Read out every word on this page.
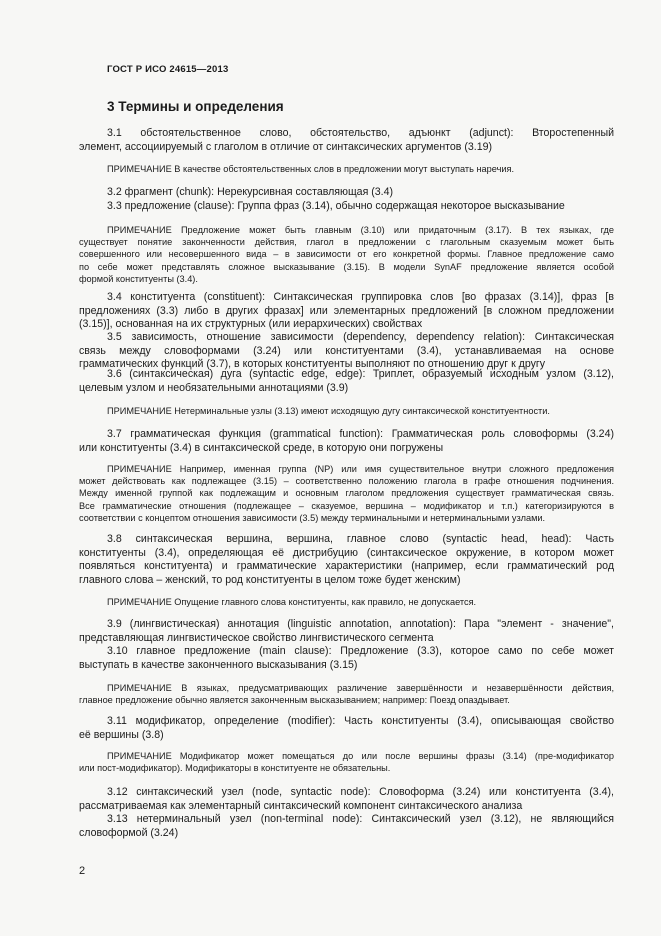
ГОСТ Р ИСО 24615—2013
3 Термины и определения
3.1 обстоятельственное слово, обстоятельство, адъюнкт (adjunct): Второстепенный
элемент, ассоциируемый с глаголом в отличие от синтаксических аргументов (3.19)
ПРИМЕЧАНИЕ В качестве обстоятельственных слов в предложении могут выступать наречия.
3.2 фрагмент (chunk): Нерекурсивная составляющая (3.4)
3.3 предложение (clause): Группа фраз (3.14), обычно содержащая некоторое высказывание
ПРИМЕЧАНИЕ Предложение может быть главным (3.10) или придаточным (3.17). В тех языках, где
существует понятие законченности действия, глагол в предложении с глагольным сказуемым может быть
совершенного или несовершенного вида – в зависимости от его конкретной формы. Главное предложение само
по себе может представлять сложное высказывание (3.15). В модели SynAF предложение является особой
формой конституенты (3.4).
3.4 конституента (constituent): Синтаксическая группировка слов [во фразах (3.14)], фраз [в
предложениях (3.3) либо в других фразах] или элементарных предложений [в сложном предложении
(3.15)], основанная на их структурных (или иерархических) свойствах
3.5 зависимость, отношение зависимости (dependency, dependency relation): Синтаксическая
связь между словоформами (3.24) или конституентами (3.4), устанавливаемая на основе
грамматических функций (3.7), в которых конституенты выполняют по отношению друг к другу
3.6 (синтаксическая) дуга (syntactic edge, edge): Триплет, образуемый исходным узлом (3.12),
целевым узлом и необязательными аннотациями (3.9)
ПРИМЕЧАНИЕ Нетерминальные узлы (3.13) имеют исходящую дугу синтаксической конституентности.
3.7 грамматическая функция (grammatical function): Грамматическая роль словоформы (3.24)
или конституенты (3.4) в синтаксической среде, в которую они погружены
ПРИМЕЧАНИЕ Например, именная группа (NP) или имя существительное внутри сложного предложения
может действовать как подлежащее (3.15) – соответственно положению глагола в графе отношения подчинения.
Между именной группой как подлежащим и основным глаголом предложения существует грамматическая связь.
Все грамматические отношения (подлежащее – сказуемое, вершина – модификатор и т.п.) категоризируются в
соответствии с концептом отношения зависимости (3.5) между терминальными и нетерминальными узлами.
3.8 синтаксическая вершина, вершина, главное слово (syntactic head, head): Часть
конституенты (3.4), определяющая её дистрибуцию (синтаксическое окружение, в котором может
появляться конституента) и грамматические характеристики (например, если грамматический род
главного слова – женский, то род конституенты в целом тоже будет женским)
ПРИМЕЧАНИЕ Опущение главного слова конституенты, как правило, не допускается.
3.9 (лингвистическая) аннотация (linguistic annotation, annotation): Пара "элемент - значение",
представляющая лингвистическое свойство лингвистического сегмента
3.10 главное предложение (main clause): Предложение (3.3), которое само по себе может
выступать в качестве законченного высказывания (3.15)
ПРИМЕЧАНИЕ В языках, предусматривающих различение завершённости и незавершённости действия,
главное предложение обычно является законченным высказыванием; например: Поезд опаздывает.
3.11 модификатор, определение (modifier): Часть конституенты (3.4), описывающая свойство
её вершины (3.8)
ПРИМЕЧАНИЕ Модификатор может помещаться до или после вершины фразы (3.14) (пре-модификатор
или пост-модификатор). Модификаторы в конституенте не обязательны.
3.12 синтаксический узел (node, syntactic node): Словоформа (3.24) или конституента (3.4),
рассматриваемая как элементарный синтаксический компонент синтаксического анализа
3.13 нетерминальный узел (non-terminal node): Синтаксический узел (3.12), не являющийся
словоформой (3.24)
2
